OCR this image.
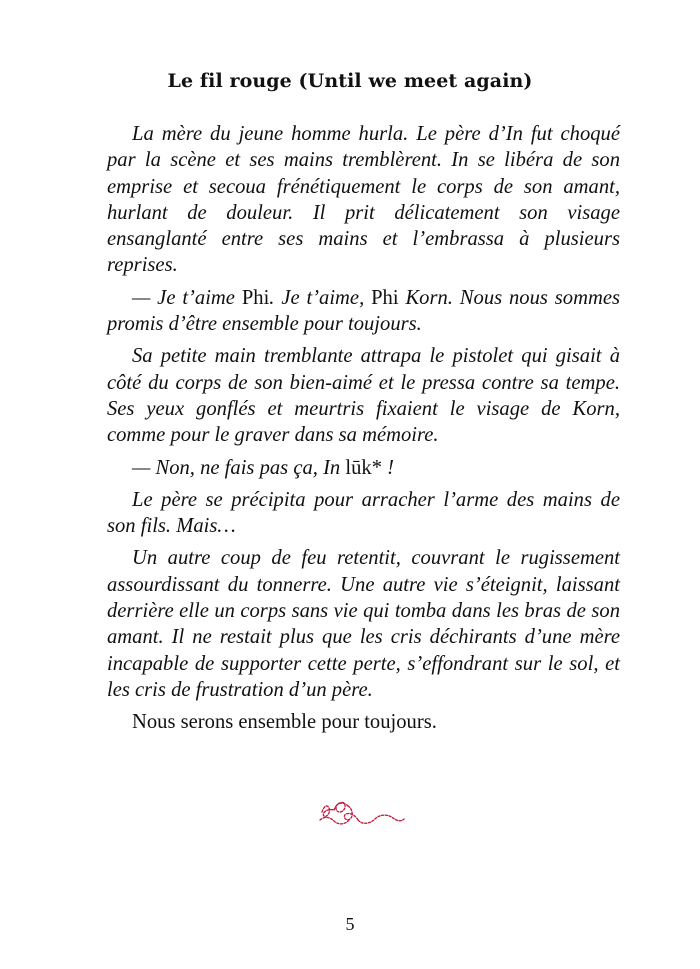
Le fil rouge (Until we meet again)

La mère du jeune homme hurla. Le père d’In fut choqué par la scène et ses mains tremblèrent. In se libéra de son emprise et secoua frénétiquement le corps de son amant, hurlant de douleur. Il prit délicatement son visage ensanglanté entre ses mains et l’embrassa à plusieurs reprises.

— Je t’aime Phi. Je t’aime, Phi Korn. Nous nous sommes promis d’être ensemble pour toujours.

Sa petite main tremblante attrapa le pistolet qui gisait à côté du corps de son bien-aimé et le pressa contre sa tempe. Ses yeux gonflés et meurtris fixaient le visage de Korn, comme pour le graver dans sa mémoire.

— Non, ne fais pas ça, In lūk* !

Le père se précipita pour arracher l’arme des mains de son fils. Mais…

Un autre coup de feu retentit, couvrant le rugissement assourdissant du tonnerre. Une autre vie s’éteignit, laissant derrière elle un corps sans vie qui tomba dans les bras de son amant. Il ne restait plus que les cris déchirants d’une mère incapable de supporter cette perte, s’effondrant sur le sol, et les cris de frustration d’un père.

Nous serons ensemble pour toujours.

5
